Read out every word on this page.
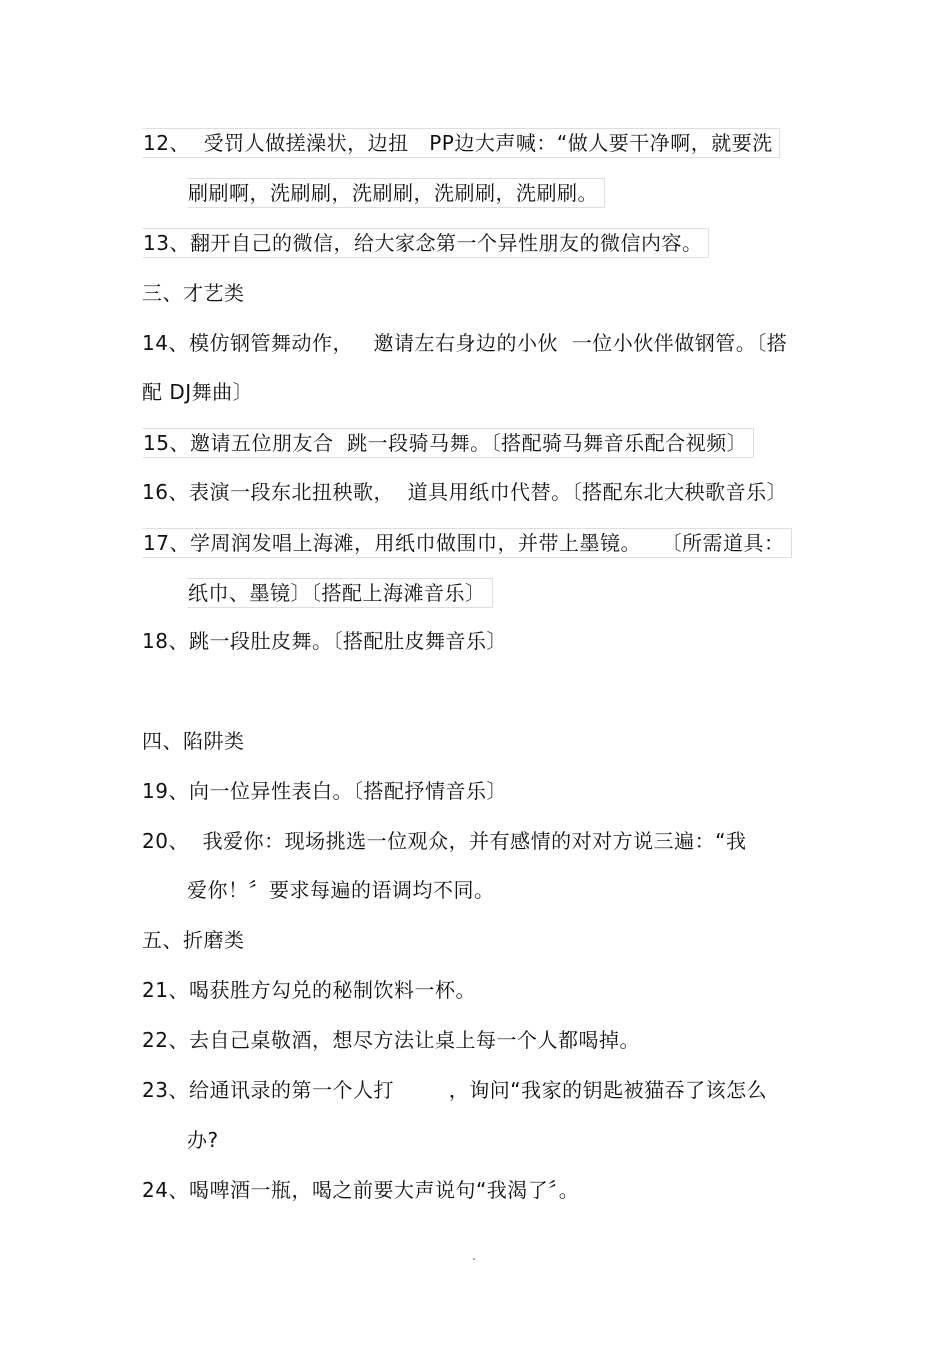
12、  受罚人做搓澡状，边扭   PP边大声喊：“做人要干净啊，就要洗
刷刷啊，洗刷刷，洗刷刷，洗刷刷，洗刷刷。
13、翻开自己的微信，给大家念第一个异性朋友的微信内容。
三、才艺类
14、模仿钢管舞动作，   邀请左右身边的小伙  一位小伙伴做钢管。〔搭
配 DJ舞曲〕
15、邀请五位朋友合  跳一段骑马舞。〔搭配骑马舞音乐配合视频〕
16、表演一段东北扭秧歌，  道具用纸巾代替。〔搭配东北大秧歌音乐〕
17、学周润发唱上海滩，用纸巾做围巾，并带上墨镜。   〔所需道具：
纸巾、墨镜〕〔搭配上海滩音乐〕
18、跳一段肚皮舞。〔搭配肚皮舞音乐〕
四、陷阱类
19、向一位异性表白。〔搭配抒情音乐〕
20、  我爱你：现场挑选一位观众，并有感情的对对方说三遍：“我
爱你！〞要求每遍的语调均不同。
五、折磨类
21、喝获胜方勾兑的秘制饮料一杯。
22、去自己桌敬酒，想尽方法让桌上每一个人都喝掉。
23、给通讯录的第一个人打        ，询问“我家的钥匙被猫吞了该怎么
办?
24、喝啤酒一瓶，喝之前要大声说句“我渴了〞。
